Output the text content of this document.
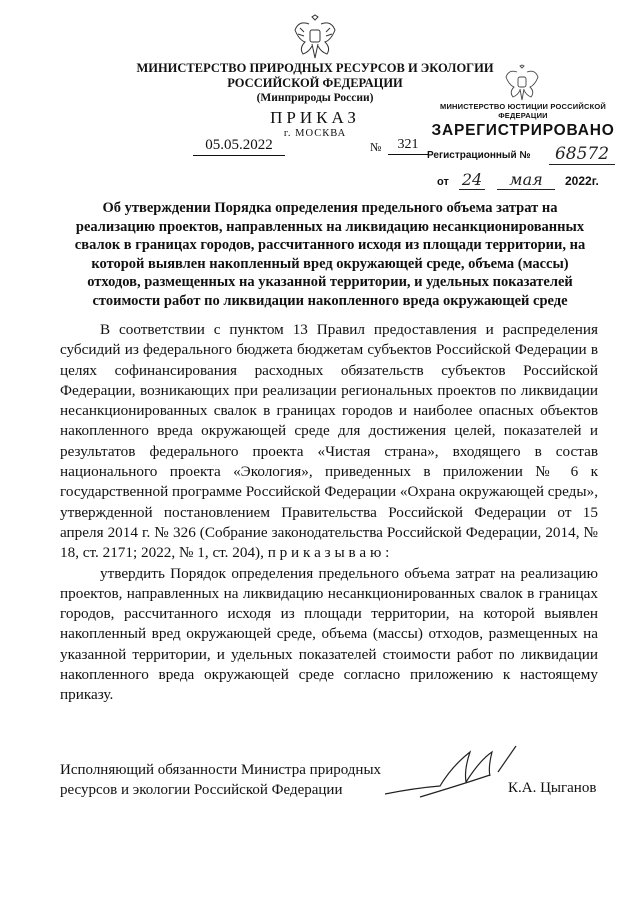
МИНИСТЕРСТВО ПРИРОДНЫХ РЕСУРСОВ И ЭКОЛОГИИ
РОССИЙСКОЙ ФЕДЕРАЦИИ
(Минприроды России)
ПРИКАЗ
г. МОСКВА
05.05.2022	№	321
МИНИСТЕРСТВО ЮСТИЦИИ РОССИЙСКОЙ ФЕДЕРАЦИИ
ЗАРЕГИСТРИРОВАНО
Регистрационный №	68572
от 24	мая	2022г.
Об утверждении Порядка определения предельного объема затрат на
реализацию проектов, направленных на ликвидацию несанкционированных
свалок в границах городов, рассчитанного исходя из площади территории, на
которой выявлен накопленный вред окружающей среде, объема (массы)
отходов, размещенных на указанной территории, и удельных показателей
стоимости работ по ликвидации накопленного вреда окружающей среде

В соответствии с пунктом 13 Правил предоставления и распределения субсидий из федерального бюджета бюджетам субъектов Российской Федерации в целях софинансирования расходных обязательств субъектов Российской Федерации, возникающих при реализации региональных проектов по ликвидации несанкционированных свалок в границах городов и наиболее опасных объектов накопленного вреда окружающей среде для достижения целей, показателей и результатов федерального проекта «Чистая страна», входящего в состав национального проекта «Экология», приведенных в приложении № 6 к государственной программе Российской Федерации «Охрана окружающей среды», утвержденной постановлением Правительства Российской Федерации от 15 апреля 2014 г. № 326 (Собрание законодательства Российской Федерации, 2014, № 18, ст. 2171; 2022, № 1, ст. 204), п р и к а з ы в а ю :

утвердить Порядок определения предельного объема затрат на реализацию проектов, направленных на ликвидацию несанкционированных свалок в границах городов, рассчитанного исходя из площади территории, на которой выявлен накопленный вред окружающей среде, объема (массы) отходов, размещенных на указанной территории, и удельных показателей стоимости работ по ликвидации накопленного вреда окружающей среде согласно приложению к настоящему приказу.

Исполняющий обязанности Министра природных
ресурсов и экологии Российской Федерации	К.А. Цыганов
